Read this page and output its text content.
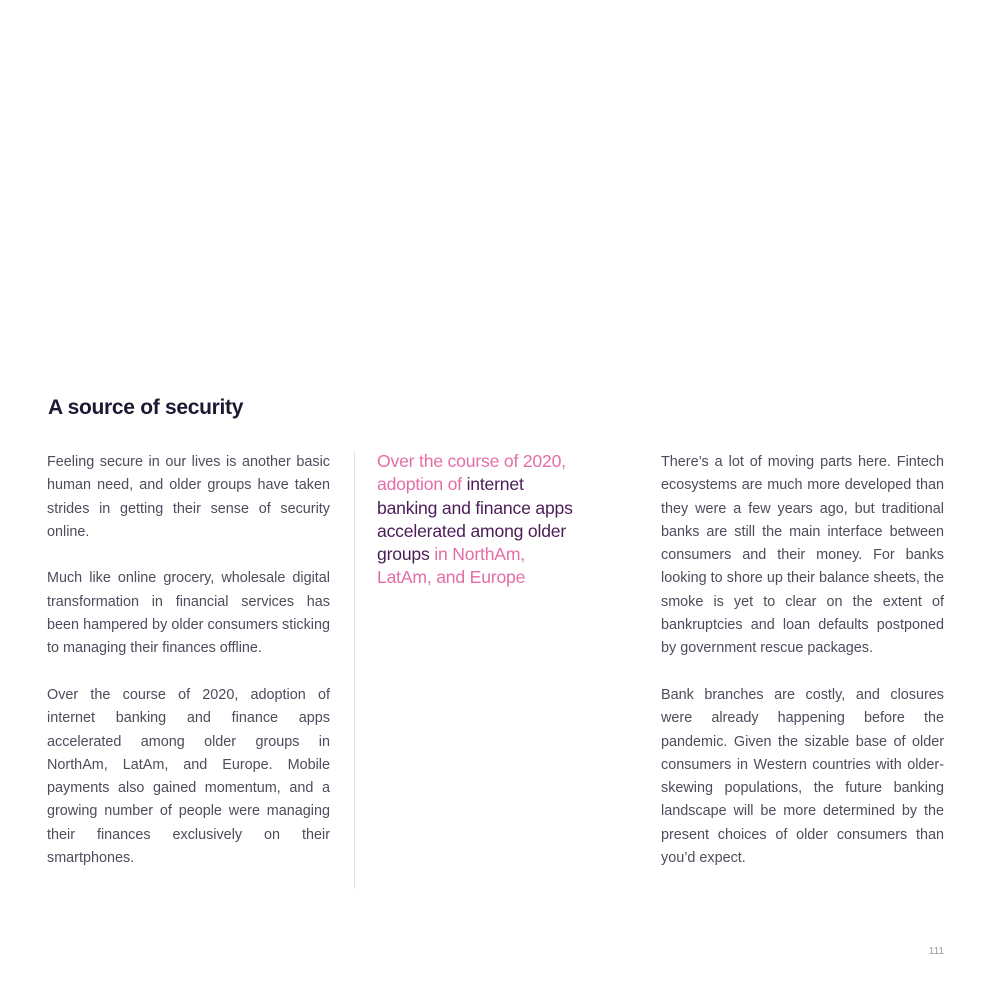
A source of security

Feeling secure in our lives is another basic human need, and older groups have taken strides in getting their sense of security online.

Much like online grocery, wholesale digital transformation in financial services has been hampered by older consumers sticking to managing their finances offline.

Over the course of 2020, adoption of internet banking and finance apps accelerated among older groups in NorthAm, LatAm, and Europe. Mobile payments also gained momentum, and a growing number of people were managing their finances exclusively on their smartphones.

Over the course of 2020, adoption of internet banking and finance apps accelerated among older groups in NorthAm, LatAm, and Europe

There’s a lot of moving parts here. Fintech ecosystems are much more developed than they were a few years ago, but traditional banks are still the main interface between consumers and their money. For banks looking to shore up their balance sheets, the smoke is yet to clear on the extent of bankruptcies and loan defaults postponed by government rescue packages.

Bank branches are costly, and closures were already happening before the pandemic. Given the sizable base of older consumers in Western countries with older-skewing populations, the future banking landscape will be more determined by the present choices of older consumers than you’d expect.

111
